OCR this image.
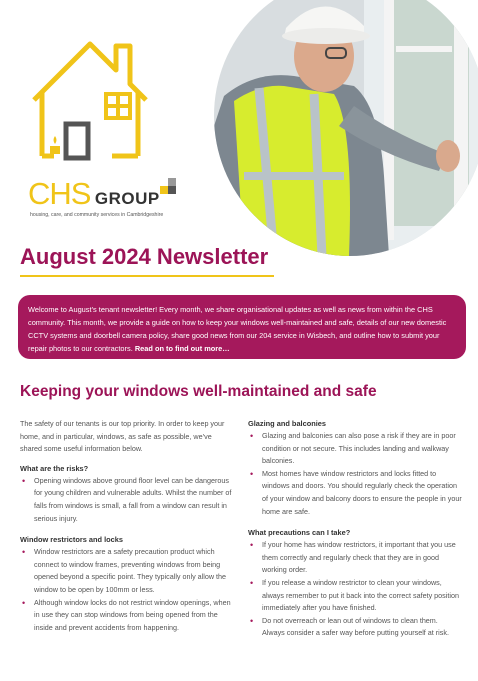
CHS GROUP
housing, care, and community services in Cambridgeshire
August 2024 Newsletter

Welcome to August’s tenant newsletter! Every month, we share organisational updates as well as news from within the CHS community. This month, we provide a guide on how to keep your windows well-maintained and safe, details of our new domestic CCTV systems and doorbell camera policy, share good news from our 204 service in Wisbech, and outline how to submit your repair photos to our contractors. Read on to find out more…

Keeping your windows well-maintained and safe

The safety of our tenants is our top priority. In order to keep your home, and in particular, windows, as safe as possible, we’ve shared some useful information below.

What are the risks?
• Opening windows above ground floor level can be dangerous for young children and vulnerable adults. Whilst the number of falls from windows is small, a fall from a window can result in serious injury.
Window restrictors and locks
• Window restrictors are a safety precaution product which connect to window frames, preventing windows from being opened beyond a specific point. They typically only allow the window to be open by 100mm or less.
• Although window locks do not restrict window openings, when in use they can stop windows from being opened from the inside and prevent accidents from happening.
Glazing and balconies
• Glazing and balconies can also pose a risk if they are in poor condition or not secure. This includes landing and walkway balconies.
• Most homes have window restrictors and locks fitted to windows and doors. You should regularly check the operation of your window and balcony doors to ensure the people in your home are safe.
What precautions can I take?
• If your home has window restrictors, it important that you use them correctly and regularly check that they are in good working order.
• If you release a window restrictor to clean your windows, always remember to put it back into the correct safety position immediately after you have finished.
• Do not overreach or lean out of windows to clean them. Always consider a safer way before putting yourself at risk.
